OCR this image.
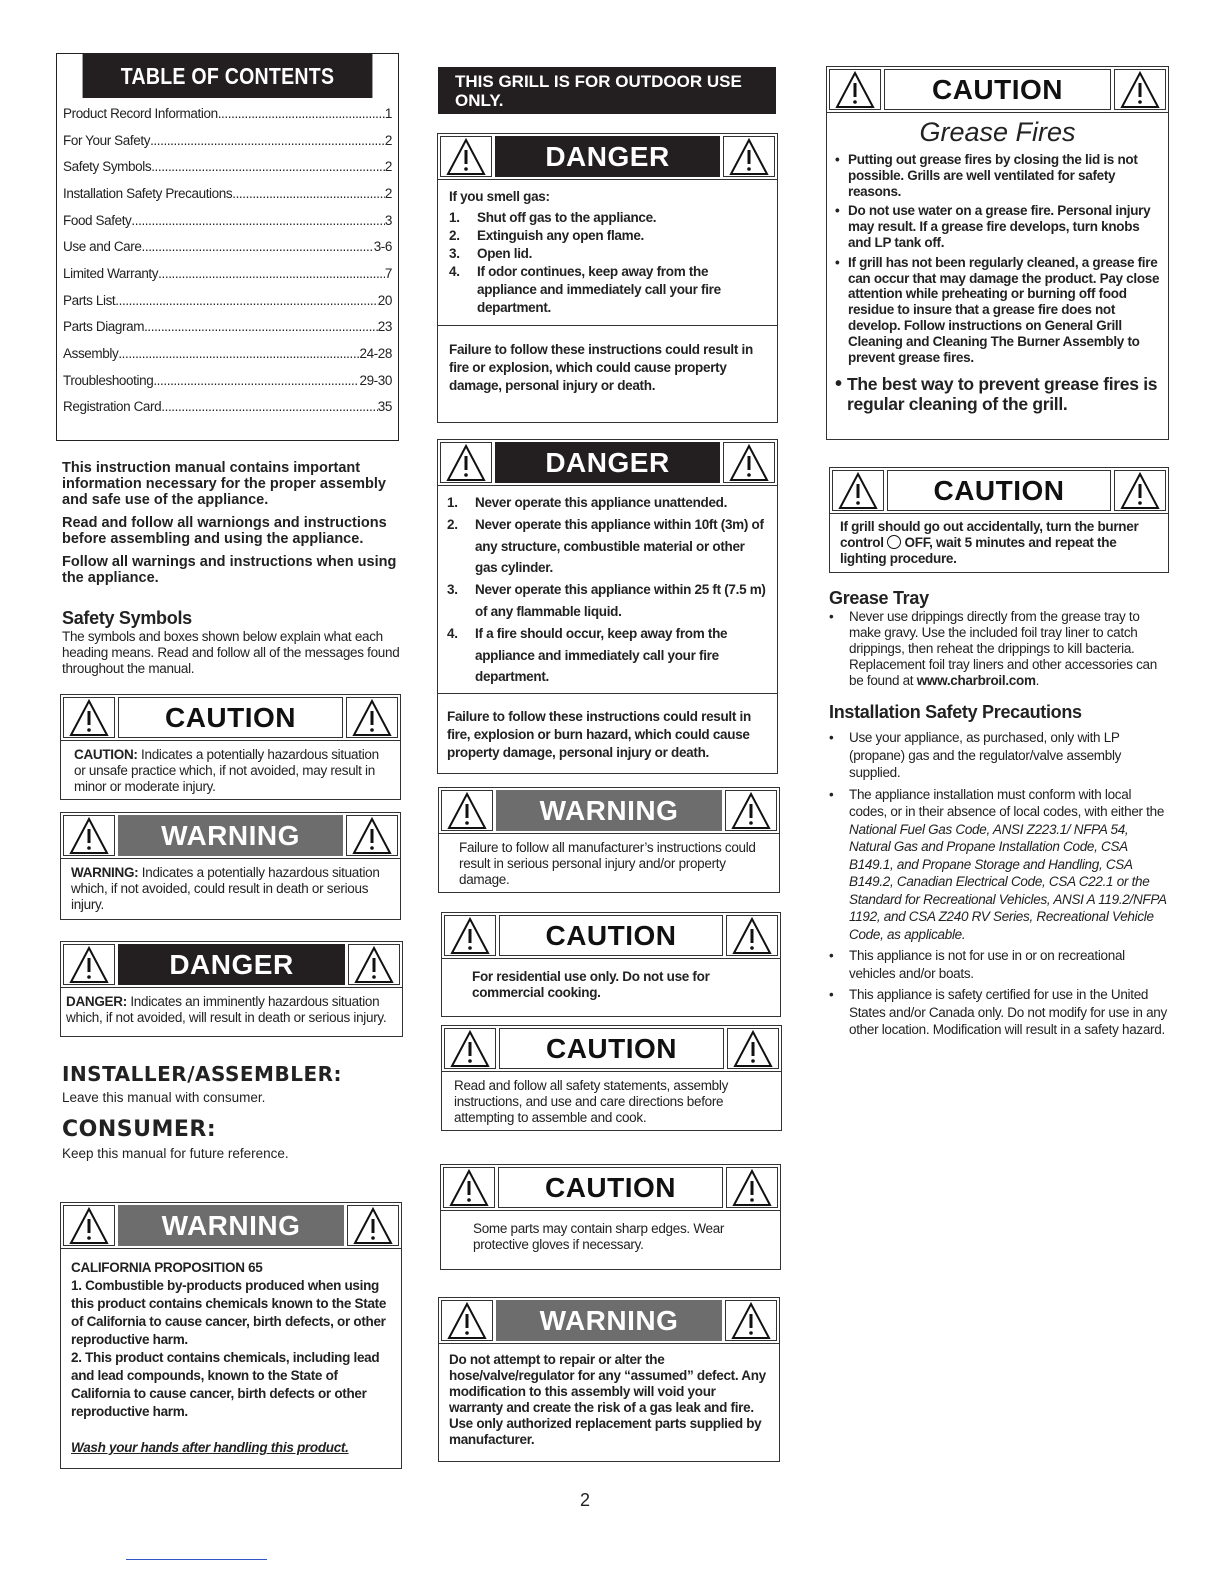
TABLE OF CONTENTS
Product Record Information .....	1
For Your Safety .....	2
Safety Symbols .....	2
Installation Safety Precautions .....	2
Food Safety .....	3
Use and Care .....	3-6
Limited Warranty .....	7
Parts List .....	20
Parts Diagram .....	23
Assembly .....	24-28
Troubleshooting .....	29-30
Registration Card .....	35

This instruction manual contains important information necessary for the proper assembly and safe use of the appliance.

Read and follow all warniongs and instructions before assembling and using the appliance.

Follow all warnings and instructions when using the appliance.

Safety Symbols

The symbols and boxes shown below explain what each heading means. Read and follow all of the messages found throughout the manual.

CAUTION
CAUTION: Indicates a potentially hazardous situation or unsafe practice which, if not avoided, may result in minor or moderate injury.
WARNING
WARNING: Indicates a potentially hazardous situation which, if not avoided, could result in death or serious injury.
DANGER
DANGER: Indicates an imminently hazardous situation which, if not avoided, will result in death or serious injury.
INSTALLER/ASSEMBLER:
Leave this manual with consumer.
CONSUMER:
Keep this manual for future reference.
WARNING

CALIFORNIA PROPOSITION 65

1. Combustible by-products produced when using this product contains chemicals known to the State of California to cause cancer, birth defects, or other reproductive harm.

2. This product contains chemicals, including lead and lead compounds, known to the State of California to cause cancer, birth defects or other reproductive harm.

Wash your hands after handling this product.

THIS GRILL IS FOR OUTDOOR USE ONLY.
DANGER

If you smell gas:

1.	Shut off gas to the appliance.
2.	Extinguish any open flame.
3.	Open lid.
4.	If odor continues, keep away from the appliance and immediately call your fire department.

Failure to follow these instructions could result in fire or explosion, which could cause property damage, personal injury or death.

DANGER
1.	Never operate this appliance unattended.
2.	Never operate this appliance within 10ft (3m) of any structure, combustible material or other gas cylinder.
3.	Never operate this appliance within 25 ft (7.5 m) of any flammable liquid.
4.	If a fire should occur, keep away from the appliance and immediately call your fire department.

Failure to follow these instructions could result in fire, explosion or burn hazard, which could cause property damage, personal injury or death.

WARNING
Failure to follow all manufacturer’s instructions could result in serious personal injury and/or property damage.
CAUTION
For residential use only. Do not use for commercial cooking.
CAUTION
Read and follow all safety statements, assembly instructions, and use and care directions before attempting to assemble and cook.
CAUTION
Some parts may contain sharp edges. Wear protective gloves if necessary.
WARNING
Do not attempt to repair or alter the hose/valve/regulator for any “assumed” defect. Any modification to this assembly will void your warranty and create the risk of a gas leak and fire. Use only authorized replacement parts supplied by manufacturer.
2
CAUTION
Grease Fires
• Putting out grease fires by closing the lid is not possible. Grills are well ventilated for safety reasons.
• Do not use water on a grease fire. Personal injury may result. If a grease fire develops, turn knobs and LP tank off.
• If grill has not been regularly cleaned, a grease fire can occur that may damage the product. Pay close attention while preheating or burning off food residue to insure that a grease fire does not develop. Follow instructions on General Grill Cleaning and Cleaning The Burner Assembly to prevent grease fires.
• The best way to prevent grease fires is regular cleaning of the grill.
CAUTION
If grill should go out accidentally, turn the burner control  OFF, wait 5 minutes and repeat the lighting procedure.
Grease Tray
•	Never use drippings directly from the grease tray to make gravy. Use the included foil tray liner to catch drippings, then reheat the drippings to kill bacteria. Replacement foil tray liners and other accessories can be found at www.charbroil.com.
Installation Safety Precautions
•	Use your appliance, as purchased, only with LP (propane) gas and the regulator/valve assembly supplied.
•	The appliance installation must conform with local codes, or in their absence of local codes, with either the National Fuel Gas Code, ANSI Z223.1/ NFPA 54, Natural Gas and Propane Installation Code, CSA B149.1, and Propane Storage and Handling, CSA B149.2, Canadian Electrical Code, CSA C22.1 or the Standard for Recreational Vehicles, ANSI A 119.2/NFPA 1192, and CSA Z240 RV Series, Recreational Vehicle Code, as applicable.
•	This appliance is not for use in or on recreational vehicles and/or boats.
•	This appliance is safety certified for use in the United States and/or Canada only. Do not modify for use in any other location. Modification will result in a safety hazard.
